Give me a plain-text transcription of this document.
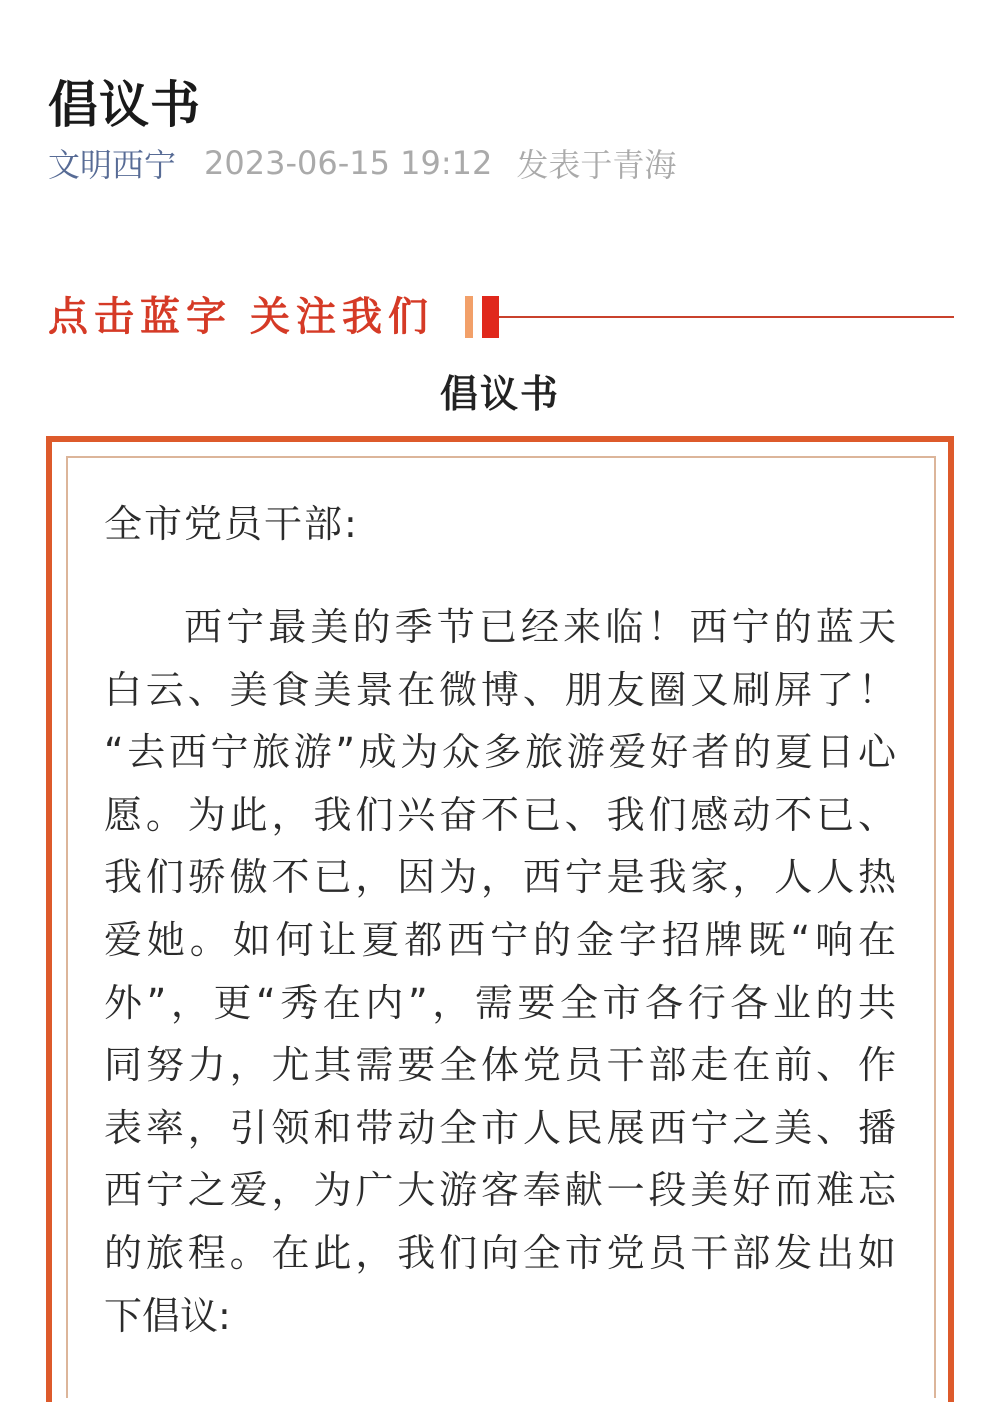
倡议书
文明西宁 2023-06-15 19:12 发表于青海
点击蓝字 关注我们
倡议书
全市党员干部:
西宁最美的季节已经来临！西宁的蓝天
白云、美食美景在微博、朋友圈又刷屏了！
“去西宁旅游”成为众多旅游爱好者的夏日心
愿。为此，我们兴奋不已、我们感动不已、
我们骄傲不已，因为，西宁是我家，人人热
爱她。如何让夏都西宁的金字招牌既“响在
外”，更“秀在内”，需要全市各行各业的共
同努力，尤其需要全体党员干部走在前、作
表率，引领和带动全市人民展西宁之美、播
西宁之爱，为广大游客奉献一段美好而难忘
的旅程。在此，我们向全市党员干部发出如
下倡议:
